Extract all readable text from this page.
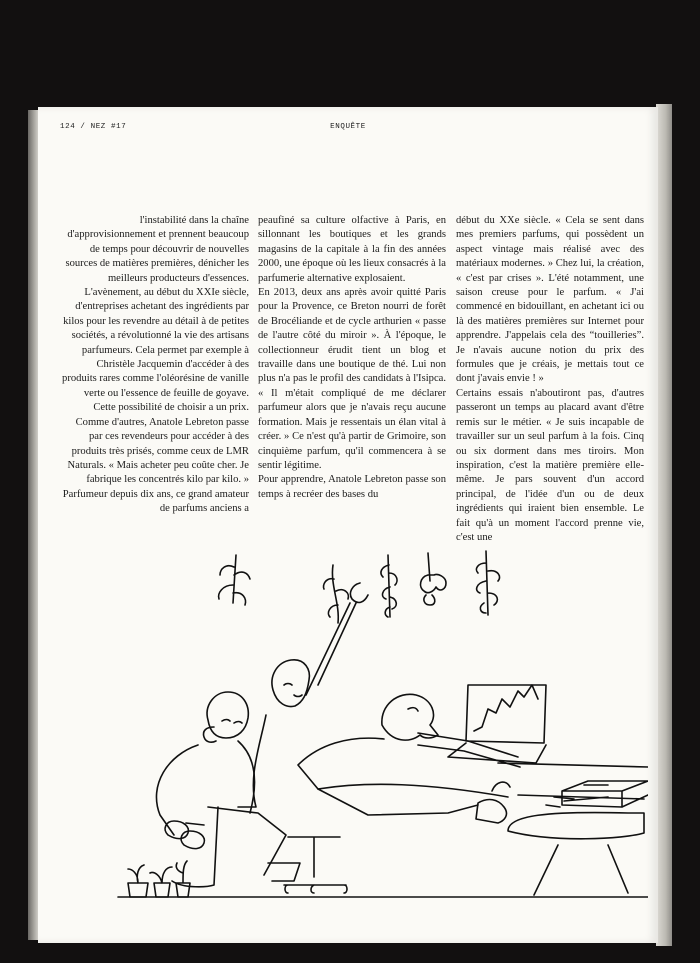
124 / NEZ #17	ENQUÊTE

l'instabilité dans la chaîne d'approvisionnement et prennent beaucoup de temps pour découvrir de nouvelles sources de matières premières, dénicher les meilleurs producteurs d'essences.

L'avènement, au début du XXIe siècle, d'entreprises achetant des ingrédients par kilos pour les revendre au détail à de petites sociétés, a révolutionné la vie des artisans parfumeurs. Cela permet par exemple à Christèle Jacquemin d'accéder à des produits rares comme l'oléorésine de vanille verte ou l'essence de feuille de goyave.

Cette possibilité de choisir a un prix. Comme d'autres, Anatole Lebreton passe par ces revendeurs pour accéder à des produits très prisés, comme ceux de LMR Naturals. « Mais acheter peu coûte cher. Je fabrique les concentrés kilo par kilo. » Parfumeur depuis dix ans, ce grand amateur de parfums anciens a

peaufiné sa culture olfactive à Paris, en sillonnant les boutiques et les grands magasins de la capitale à la fin des années 2000, une époque où les lieux consacrés à la parfumerie alternative explosaient.

En 2013, deux ans après avoir quitté Paris pour la Provence, ce Breton nourri de forêt de Brocéliande et de cycle arthurien « passe de l'autre côté du miroir ». À l'époque, le collectionneur érudit tient un blog et travaille dans une boutique de thé. Lui non plus n'a pas le profil des candidats à l'Isipca. « Il m'était compliqué de me déclarer parfumeur alors que je n'avais reçu aucune formation. Mais je ressentais un élan vital à créer. » Ce n'est qu'à partir de Grimoire, son cinquième parfum, qu'il commencera à se sentir légitime.

Pour apprendre, Anatole Lebreton passe son temps à recréer des bases du

début du XXe siècle. « Cela se sent dans mes premiers parfums, qui possèdent un aspect vintage mais réalisé avec des matériaux modernes. » Chez lui, la création, « c'est par crises ». L'été notamment, une saison creuse pour le parfum. « J'ai commencé en bidouillant, en achetant ici ou là des matières premières sur Internet pour apprendre. J'appelais cela des “touilleries”. Je n'avais aucune notion du prix des formules que je créais, je mettais tout ce dont j'avais envie ! »

Certains essais n'aboutiront pas, d'autres passeront un temps au placard avant d'être remis sur le métier. « Je suis incapable de travailler sur un seul parfum à la fois. Cinq ou six dorment dans mes tiroirs. Mon inspiration, c'est la matière première elle-même. Je pars souvent d'un accord principal, de l'idée d'un ou de deux ingrédients qui iraient bien ensemble. Le fait qu'à un moment l'accord prenne vie, c'est une
